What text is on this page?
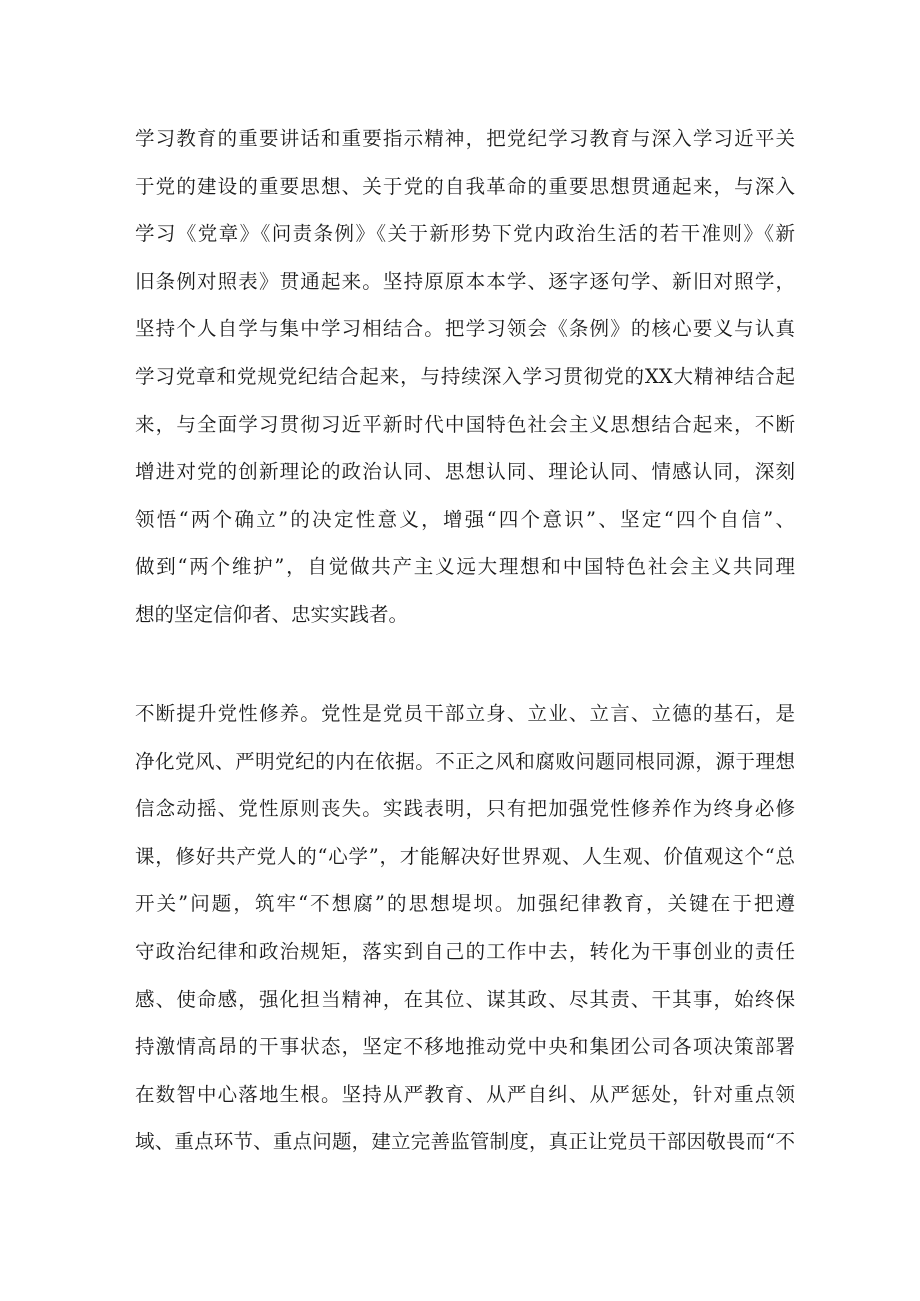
学习教育的重要讲话和重要指示精神，把党纪学习教育与深入学习近平关
于党的建设的重要思想、关于党的自我革命的重要思想贯通起来，与深入
学习《党章》《问责条例》《关于新形势下党内政治生活的若干准则》《新
旧条例对照表》贯通起来。坚持原原本本学、逐字逐句学、新旧对照学，
坚持个人自学与集中学习相结合。把学习领会《条例》的核心要义与认真
学习党章和党规党纪结合起来，与持续深入学习贯彻党的XX大精神结合起
来，与全面学习贯彻习近平新时代中国特色社会主义思想结合起来，不断
增进对党的创新理论的政治认同、思想认同、理论认同、情感认同，深刻
领悟“两个确立”的决定性意义，增强“四个意识”、坚定“四个自信”、
做到“两个维护”，自觉做共产主义远大理想和中国特色社会主义共同理
想的坚定信仰者、忠实实践者。
不断提升党性修养。党性是党员干部立身、立业、立言、立德的基石，是
净化党风、严明党纪的内在依据。不正之风和腐败问题同根同源，源于理想
信念动摇、党性原则丧失。实践表明，只有把加强党性修养作为终身必修
课，修好共产党人的“心学”，才能解决好世界观、人生观、价值观这个“总
开关”问题，筑牢“不想腐”的思想堤坝。加强纪律教育，关键在于把遵
守政治纪律和政治规矩，落实到自己的工作中去，转化为干事创业的责任
感、使命感，强化担当精神，在其位、谋其政、尽其责、干其事，始终保
持激情高昂的干事状态，坚定不移地推动党中央和集团公司各项决策部署
在数智中心落地生根。坚持从严教育、从严自纠、从严惩处，针对重点领
域、重点环节、重点问题，建立完善监管制度，真正让党员干部因敬畏而“不
